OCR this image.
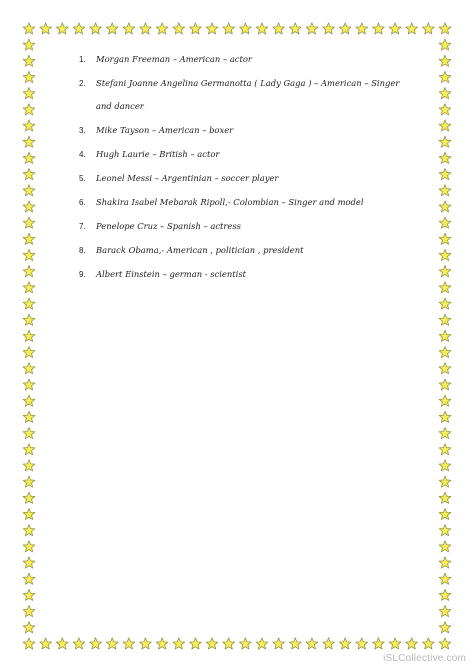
1. Morgan Freeman – American – actor
2. Stefani Joanne Angelina Germanotta ( Lady Gaga ) – American – Singer
and dancer
3. Mike Tayson – American – boxer
4. Hugh Laurie – British – actor
5. Leonel Messi – Argentinian – soccer player
6. Shakira Isabel Mebarak Ripoll,- Colombian – Singer and model
7. Penelope Cruz – Spanish – actress
8. Barack Obama,- American , politician , president
9. Albert Einstein – german - scientist
iSLCollective.com
